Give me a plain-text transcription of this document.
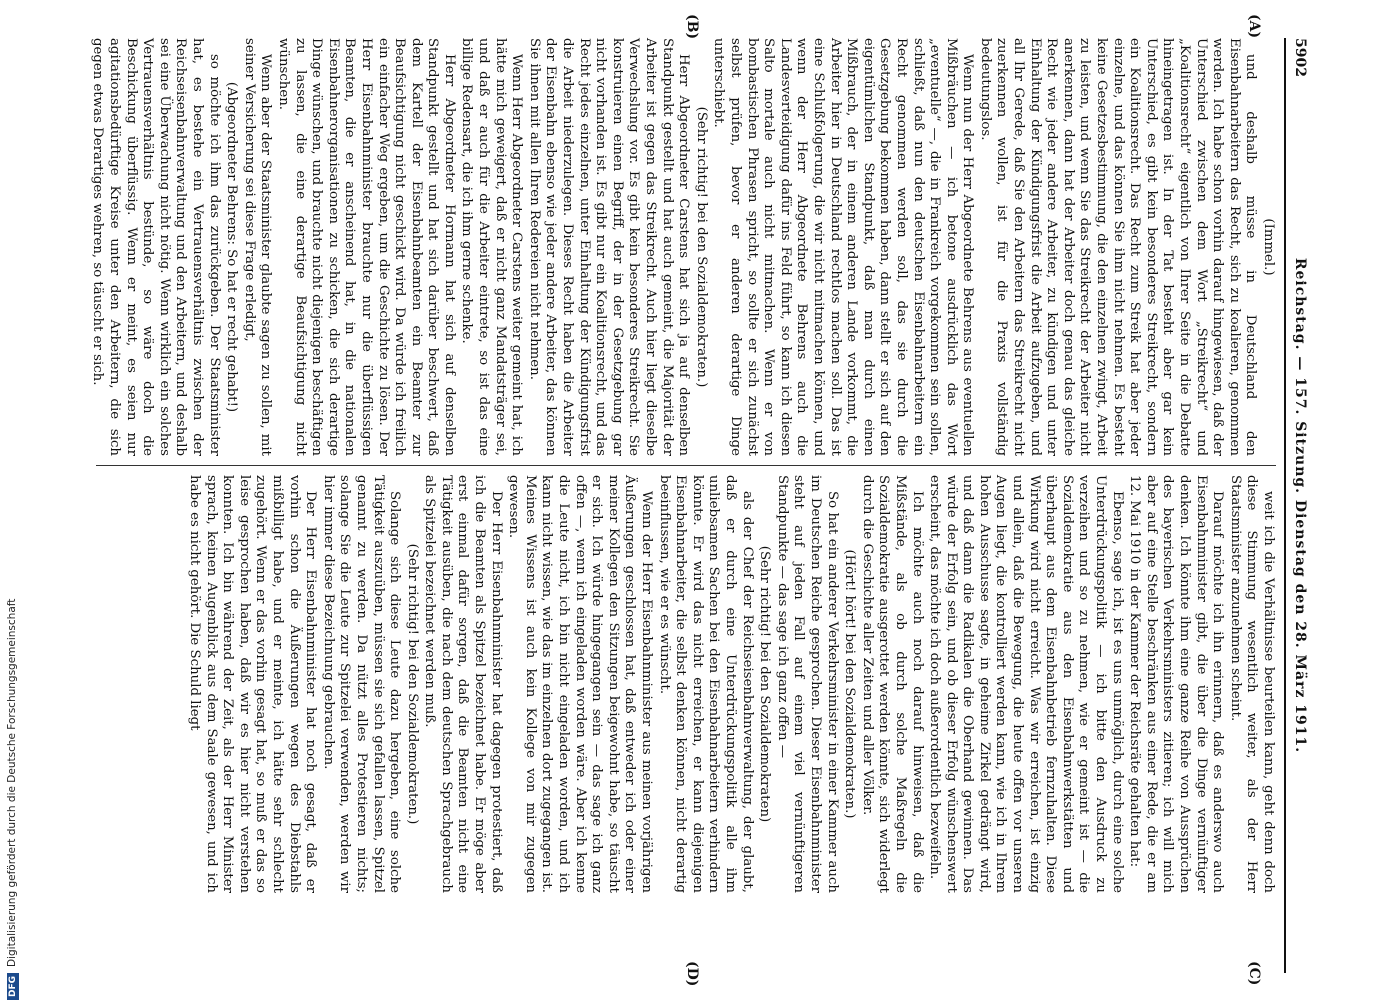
5902
Reichstag. — 157. Sitzung. Dienstag den 28. März 1911.
(A)
(B)
(C)
(D)

(Immel.)

und deshalb müsse in Deutschland den Eisenbahnarbeitern das Recht, sich zu koalieren, genommen werden. Ich habe schon vorhin darauf hingewiesen, daß der Unterschied zwischen dem Wort „Streikrecht“ und „Koalitionsrecht“ eigentlich von Ihrer Seite in die Debatte hineingetragen ist. In der Tat besteht aber gar kein Unterschied, es gibt kein besonderes Streikrecht, sondern ein Koalitionsrecht. Das Recht zum Streik hat aber jeder einzelne, und das können Sie ihm nicht nehmen. Es besteht keine Gesetzesbestimmung, die den einzelnen zwingt, Arbeit zu leisten, und wenn Sie das Streikrecht der Arbeiter nicht anerkennen, dann hat der Arbeiter doch genau das gleiche Recht wie jeder andere Arbeiter, zu kündigen und unter Einhaltung der Kündigungsfrist die Arbeit aufzugeben, und all Ihr Gerede, daß Sie den Arbeitern das Streikrecht nicht zuerkennen wollen, ist für die Praxis vollständig bedeutungslos.

Wenn nun der Herr Abgeordnete Behrens aus eventuellen Mißbräuchen — ich betone ausdrücklich das Wort „eventuelle“ —, die in Frankreich vorgekommen sein sollen, schließt, daß nun den deutschen Eisenbahnarbeitern ein Recht genommen werden soll, das sie durch die Gesetzgebung bekommen haben, dann stellt er sich auf den eigentümlichen Standpunkt, daß man durch einen Mißbrauch, der in einem anderen Lande vorkommt, die Arbeiter hier in Deutschland rechtlos machen soll. Das ist eine Schlußfolgerung, die wir nicht mitmachen können, und wenn der Herr Abgeordnete Behrens auch die Landesverteidigung dafür ins Feld führt, so kann ich diesen Salto mortale auch nicht mitmachen. Wenn er von bombastischen Phrasen spricht, so sollte er sich zunächst selbst prüfen, bevor er anderen derartige Dinge unterschiebt.

(Sehr richtig! bei den Sozialdemokraten.)

Herr Abgeordneter Carstens hat sich ja auf denselben Standpunkt gestellt und hat auch gemeint, die Majorität der Arbeiter ist gegen das Streikrecht. Auch hier liegt dieselbe Verwechslung vor. Es gibt kein besonderes Streikrecht. Sie konstruieren einen Begriff, der in der Gesetzgebung gar nicht vorhanden ist. Es gibt nur ein Koalitionsrecht, und das Recht jedes einzelnen, unter Einhaltung der Kündigungsfrist die Arbeit niederzulegen. Dieses Recht haben die Arbeiter der Eisenbahn ebenso wie jeder andere Arbeiter, das können Sie ihnen mit allen Ihren Redereien nicht nehmen.

Wenn Herr Abgeordneter Carstens weiter gemeint hat, ich hätte mich geweigert, daß er nicht ganz Mandatsträger sei, und daß er auch für die Arbeiter eintrete, so ist das eine billige Redensart, die ich ihm gerne schenke.

Herr Abgeordneter Hormann hat sich auf denselben Standpunkt gestellt und hat sich darüber beschwert, daß dem Kartell der Eisenbahnbeamten ein Beamter zur Beaufsichtigung nicht geschickt wird. Da würde ich freilich ein einfacher Weg ergeben, um die Geschichte zu lösen. Der Herr Eisenbahnminister brauchte nur die überflüssigen Beamten, die er anscheinend hat, in die nationalen Eisenbahnerorganisationen zu schicken, die sich derartige Dinge wünschen, und brauchte nicht diejenigen beschäftigen zu lassen, die eine derartige Beaufsichtigung nicht wünschen.

Wenn aber der Staatsminister glaubte sagen zu sollen, mit seiner Versicherung sei diese Frage erledigt,

(Abgeordneter Behrens: So hat er recht gehabt!)

so möchte ich ihm das zurückgeben. Der Staatsminister hat, es bestehe ein Vertrauensverhältnis zwischen der Reichseisenbahnverwaltung und den Arbeitern, und deshalb sei eine Überwachung nicht nötig. Wenn wirklich ein solches Vertrauensverhältnis bestünde, so wäre doch die Beschickung überflüssig. Wenn er meint, es seien nur agitationsbedürftige Kreise unter den Arbeitern, die sich gegen etwas Derartiges wehren, so täuscht er sich.

weit ich die Verhältnisse beurteilen kann, geht denn doch diese Stimmung wesentlich weiter, als der Herr Staatsminister anzunehmen scheint.

Darauf möchte ich ihn erinnern, daß es anderswo auch Eisenbahnminister gibt, die über die Dinge vernünftiger denken. Ich könnte ihm eine ganze Reihe von Aussprüchen des bayerischen Verkehrsministers zitieren; ich will mich aber auf eine Stelle beschränken aus einer Rede, die er am 12. Mai 1910 in der Kammer der Reichsräte gehalten hat:

Ebenso, sage ich, ist es uns unmöglich, durch eine solche Unterdrückungspolitik — ich bitte den Ausdruck zu verzeihen und so zu nehmen, wie er gemeint ist — die Sozialdemokratie aus den Eisenbahnwerkstätten und überhaupt aus dem Eisenbahnbetrieb fernzuhalten. Diese Wirkung wird nicht erreicht. Was wir erreichen, ist einzig und allein, daß die Bewegung, die heute offen vor unseren Augen liegt, die kontrolliert werden kann, wie ich in Ihrem hohen Ausschusse sagte, in geheime Zirkel gedrängt wird, und daß dann die Radikalen die Oberhand gewinnen. Das würde der Erfolg sein, und ob dieser Erfolg wünschenswert erscheint, das möchte ich doch außerordentlich bezweifeln.

Ich möchte auch noch darauf hinweisen, daß die Mißstände, als ob durch solche Maßregeln die Sozialdemokratie ausgerottet werden könnte, sich widerlegt durch die Geschichte aller Zeiten und aller Völker.

(Hört! hört! bei den Sozialdemokraten.)

So hat ein anderer Verkehrsminister in einer Kammer auch im Deutschen Reiche gesprochen. Dieser Eisenbahnminister steht auf jeden Fall auf einem viel vernünftigeren Standpunkte — das sage ich ganz offen —

(Sehr richtig! bei den Sozialdemokraten)

als der Chef der Reichseisenbahnverwaltung, der glaubt, daß er durch eine Unterdrückungspolitik alle ihm unliebsamen Sachen bei den Eisenbahnarbeitern verhindern könnte. Er wird das nicht erreichen, er kann diejenigen Eisenbahnarbeiter, die selbst denken können, nicht derartig beeinflussen, wie er es wünscht.

Wenn der Herr Eisenbahnminister aus meinen vorjährigen Äußerungen geschlossen hat, daß entweder ich oder einer meiner Kollegen den Sitzungen beigewohnt habe, so täuscht er sich. Ich würde hingegangen sein — das sage ich ganz offen —, wenn ich eingeladen worden wäre. Aber ich kenne die Leute nicht, ich bin nicht eingeladen worden, und ich kann nicht wissen, wie das im einzelnen dort zugegangen ist. Meines Wissens ist auch kein Kollege von mir zugegen gewesen.

Der Herr Eisenbahnminister hat dagegen protestiert, daß ich die Beamten als Spitzel bezeichnet habe. Er möge aber erst einmal dafür sorgen, daß die Beamten nicht eine Tätigkeit ausüben, die nach dem deutschen Sprachgebrauch als Spitzelei bezeichnet werden muß.

(Sehr richtig! bei den Sozialdemokraten.)

Solange sich diese Leute dazu hergeben, eine solche Tätigkeit auszuüben, müssen sie sich gefallen lassen, Spitzel genannt zu werden. Da nützt alles Protestieren nichts; solange Sie die Leute zur Spitzelei verwenden, werden wir hier immer diese Bezeichnung gebrauchen.

Der Herr Eisenbahnminister hat noch gesagt, daß er vorhin schon die Äußerungen wegen des Diebstahls mißbilligt habe, und er meinte, ich hätte sehr schlecht zugehört. Wenn er das vorhin gesagt hat, so muß er das so leise gesprochen haben, daß wir es hier nicht verstehen konnten. Ich bin während der Zeit, als der Herr Minister sprach, keinen Augenblick aus dem Saale gewesen, und ich habe es nicht gehört. Die Schuld liegt

DFGDigitalisierung gefördert durch die Deutsche Forschungsgemeinschaft
